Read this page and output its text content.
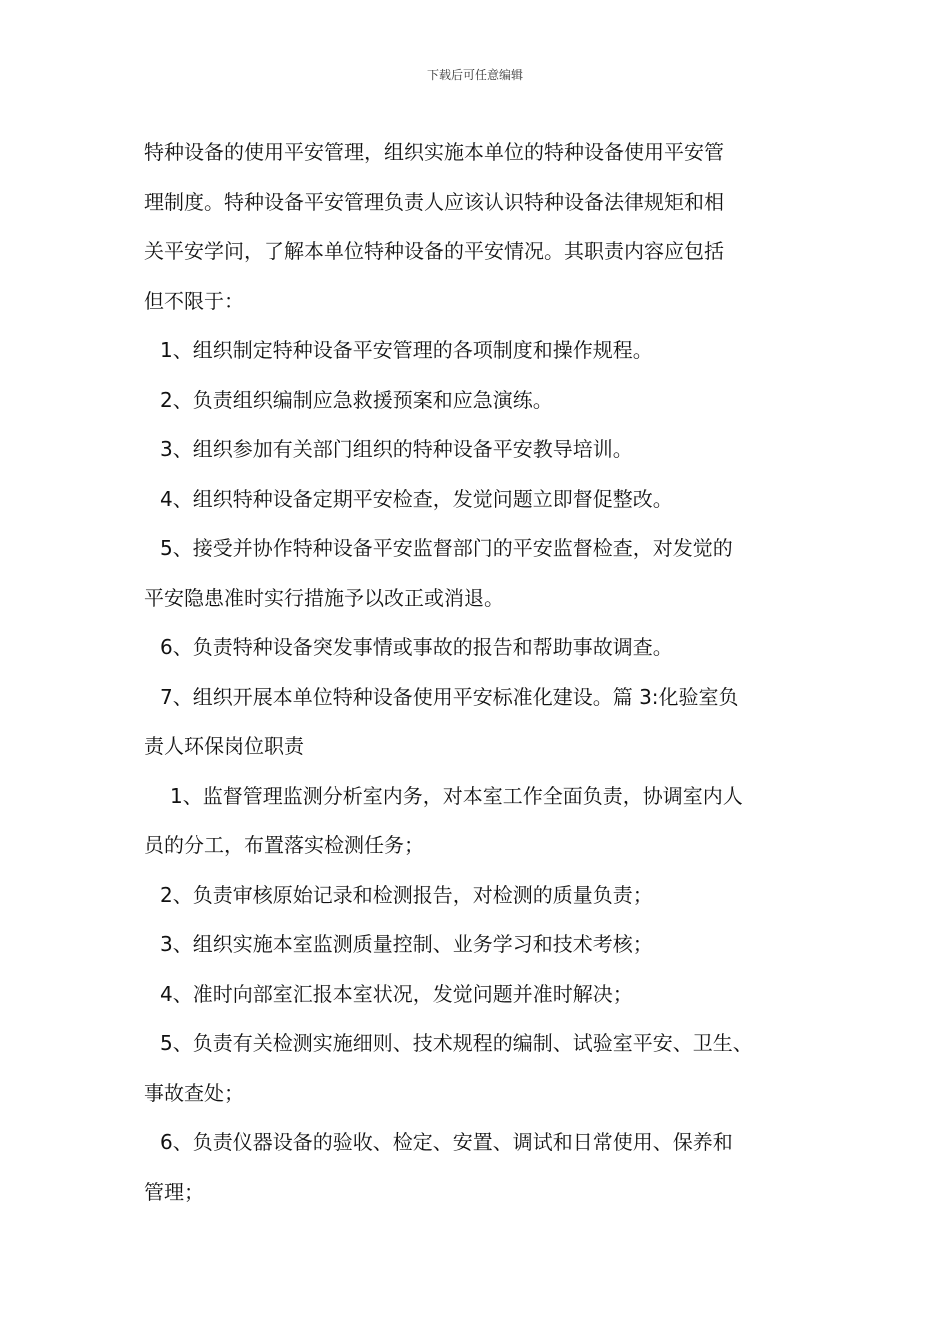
下载后可任意编辑
特种设备的使用平安管理，组织实施本单位的特种设备使用平安管
理制度。特种设备平安管理负责人应该认识特种设备法律规矩和相
关平安学问，了解本单位特种设备的平安情况。其职责内容应包括
但不限于：
1、组织制定特种设备平安管理的各项制度和操作规程。
2、负责组织编制应急救援预案和应急演练。
3、组织参加有关部门组织的特种设备平安教导培训。
4、组织特种设备定期平安检查，发觉问题立即督促整改。
5、接受并协作特种设备平安监督部门的平安监督检查，对发觉的
平安隐患准时实行措施予以改正或消退。
6、负责特种设备突发事情或事故的报告和帮助事故调查。
7、组织开展本单位特种设备使用平安标准化建设。篇 3:化验室负
责人环保岗位职责
1、监督管理监测分析室内务，对本室工作全面负责，协调室内人
员的分工，布置落实检测任务；
2、负责审核原始记录和检测报告，对检测的质量负责；
3、组织实施本室监测质量控制、业务学习和技术考核；
4、准时向部室汇报本室状况，发觉问题并准时解决；
5、负责有关检测实施细则、技术规程的编制、试验室平安、卫生、
事故查处；
6、负责仪器设备的验收、检定、安置、调试和日常使用、保养和
管理；
